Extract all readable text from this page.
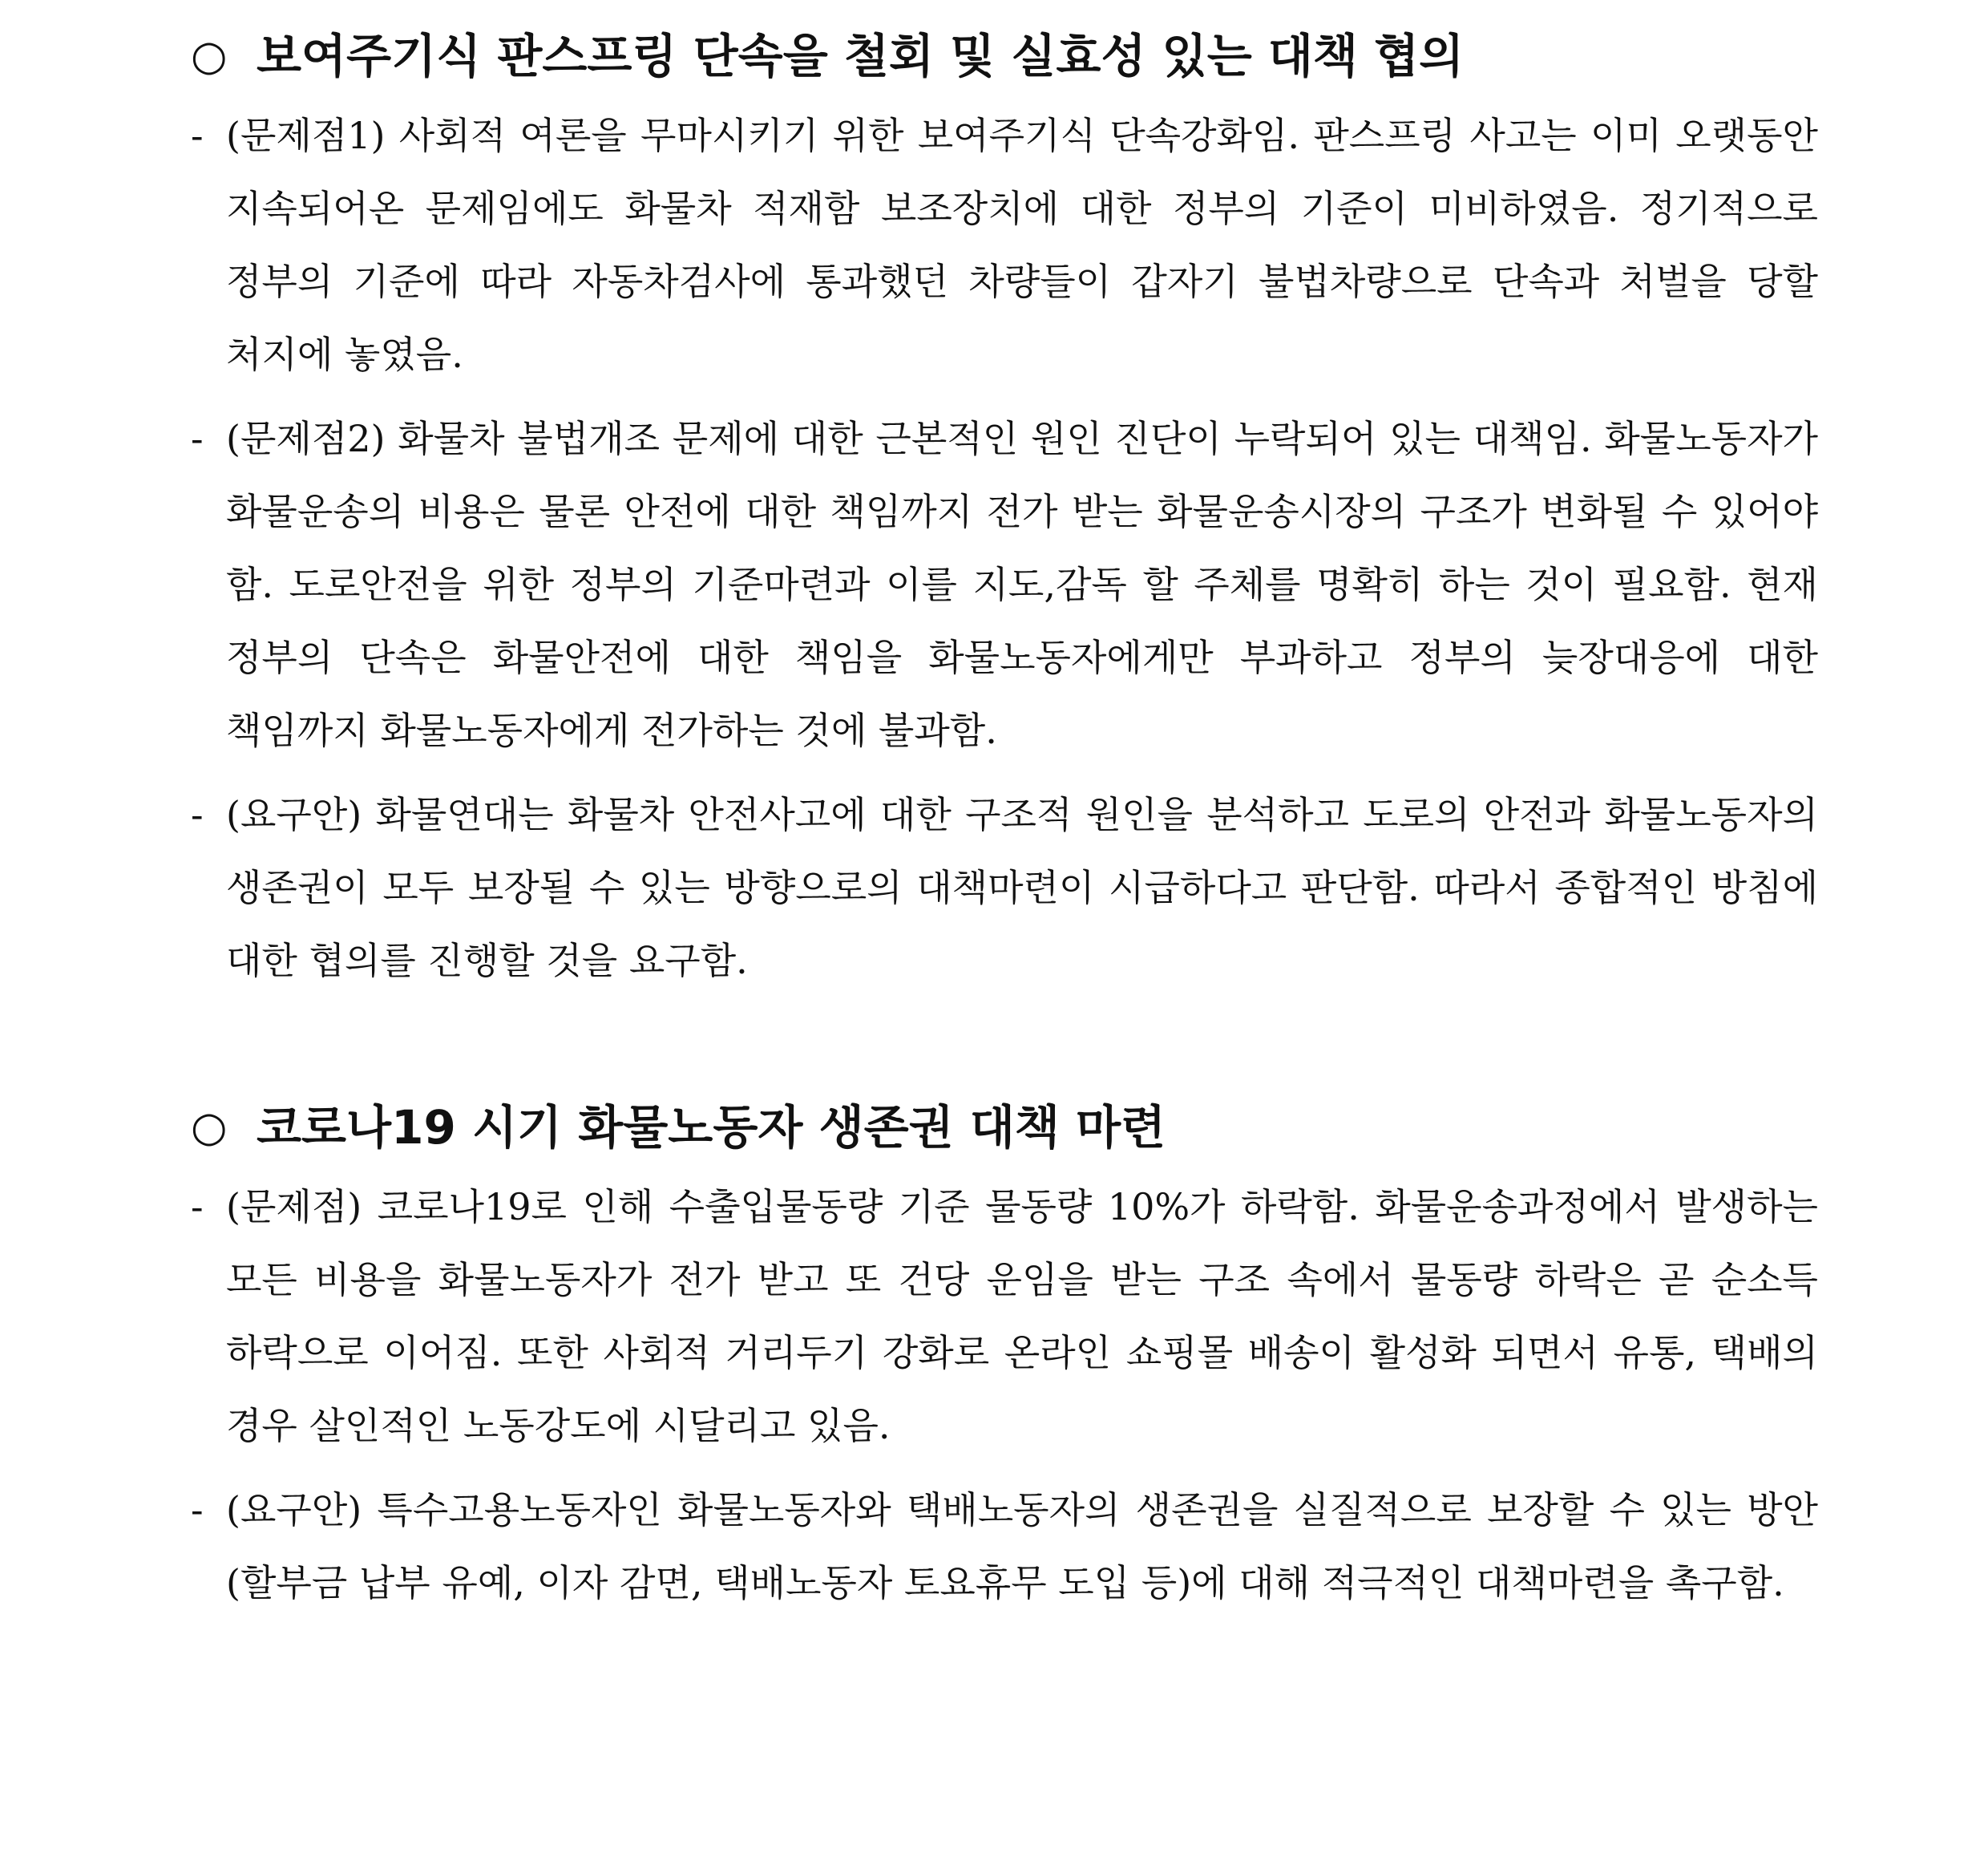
○ 보여주기식 판스프링 단속을 철회 및 실효성 있는 대책 협의
- (문제점1) 사회적 여론을 무마시키기 위한 보여주기식 단속강화임. 판스프링 사고는 이미 오랫동안 지속되어온 문제임에도 화물차 적재함 보조장치에 대한 정부의 기준이 미비하였음. 정기적으로 정부의 기준에 따라 자동차검사에 통과했던 차량들이 갑자기 불법차량으로 단속과 처벌을 당할 처지에 놓였음.
- (문제점2) 화물차 불법개조 문제에 대한 근본적인 원인 진단이 누락되어 있는 대책임. 화물노동자가 화물운송의 비용은 물론 안전에 대한 책임까지 전가 받는 화물운송시장의 구조가 변화될 수 있어야 함. 도로안전을 위한 정부의 기준마련과 이를 지도,감독 할 주체를 명확히 하는 것이 필요함. 현재 정부의 단속은 화물안전에 대한 책임을 화물노동자에게만 부과하고 정부의 늦장대응에 대한 책임까지 화물노동자에게 전가하는 것에 불과함.
- (요구안) 화물연대는 화물차 안전사고에 대한 구조적 원인을 분석하고 도로의 안전과 화물노동자의 생존권이 모두 보장될 수 있는 방향으로의 대책마련이 시급하다고 판단함. 따라서 종합적인 방침에 대한 협의를 진행할 것을 요구함.
○ 코로나19 시기 화물노동자 생존권 대책 마련
- (문제점) 코로나19로 인해 수출입물동량 기준 물동량 10%가 하락함. 화물운송과정에서 발생하는 모든 비용을 화물노동자가 전가 받고 또 건당 운임을 받는 구조 속에서 물동량 하락은 곧 순소득 하락으로 이어짐. 또한 사회적 거리두기 강화로 온라인 쇼핑몰 배송이 활성화 되면서 유통, 택배의 경우 살인적인 노동강도에 시달리고 있음.
- (요구안) 특수고용노동자인 화물노동자와 택배노동자의 생존권을 실질적으로 보장할 수 있는 방안 (할부금 납부 유예, 이자 감면, 택배노동자 토요휴무 도입 등)에 대해 적극적인 대책마련을 촉구함.
